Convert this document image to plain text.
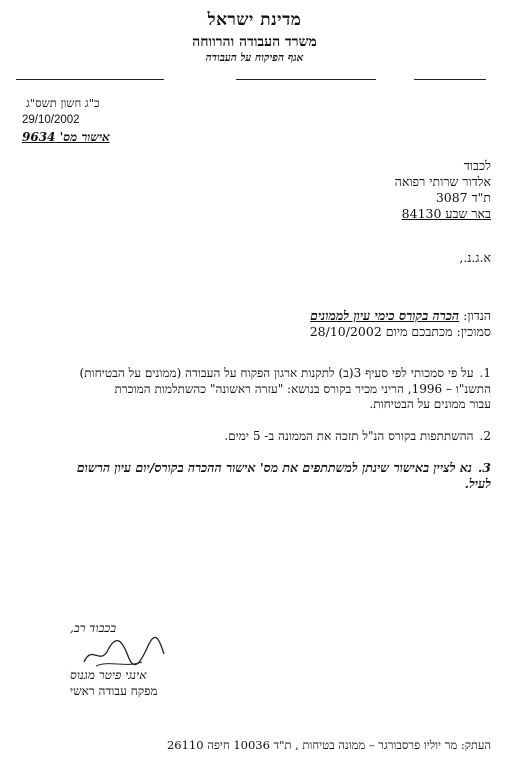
מדינת ישראל
משרד העבודה והרווחה
אגף הפיקוח על העבודה
כ"ג חשון תשס"ג
29/10/2002
אישור מס' 9634
לכבוד
אלדור שרותי רפואה
ת"ד 3087
באר שבע 84130
א.ג.נ.,
הנדון: הכרה בקורס כימי עיון לממונים
סמוכין: מכתבכם מיום 28/10/2002
1.על פי סמכותי לפי סעיף 3(ב) לתקנות ארגון הפקוח על העבודה (ממונים על הבטיחות)
התשנ"ו – 1996, הריני מכיר בקורס בנושא: "עזרה ראשונה" כהשתלמות המוכרת
עבור ממונים על הבטיחות.
2.ההשתתפות בקורס הנ"ל תזכה את הממונה ב- 5 ימים.
3.נא לציין באישור שינתן למשתתפים את מס' אישור ההכרה בקורס/יום עיון הרשום
לעיל.
בכבוד רב,
אינגי פיטר מגנוס
מפקח עבודה ראשי
העתק: מר יוליו פרסבורגר – ממונה בטיחות , ת"ד 10036 חיפה 26110
